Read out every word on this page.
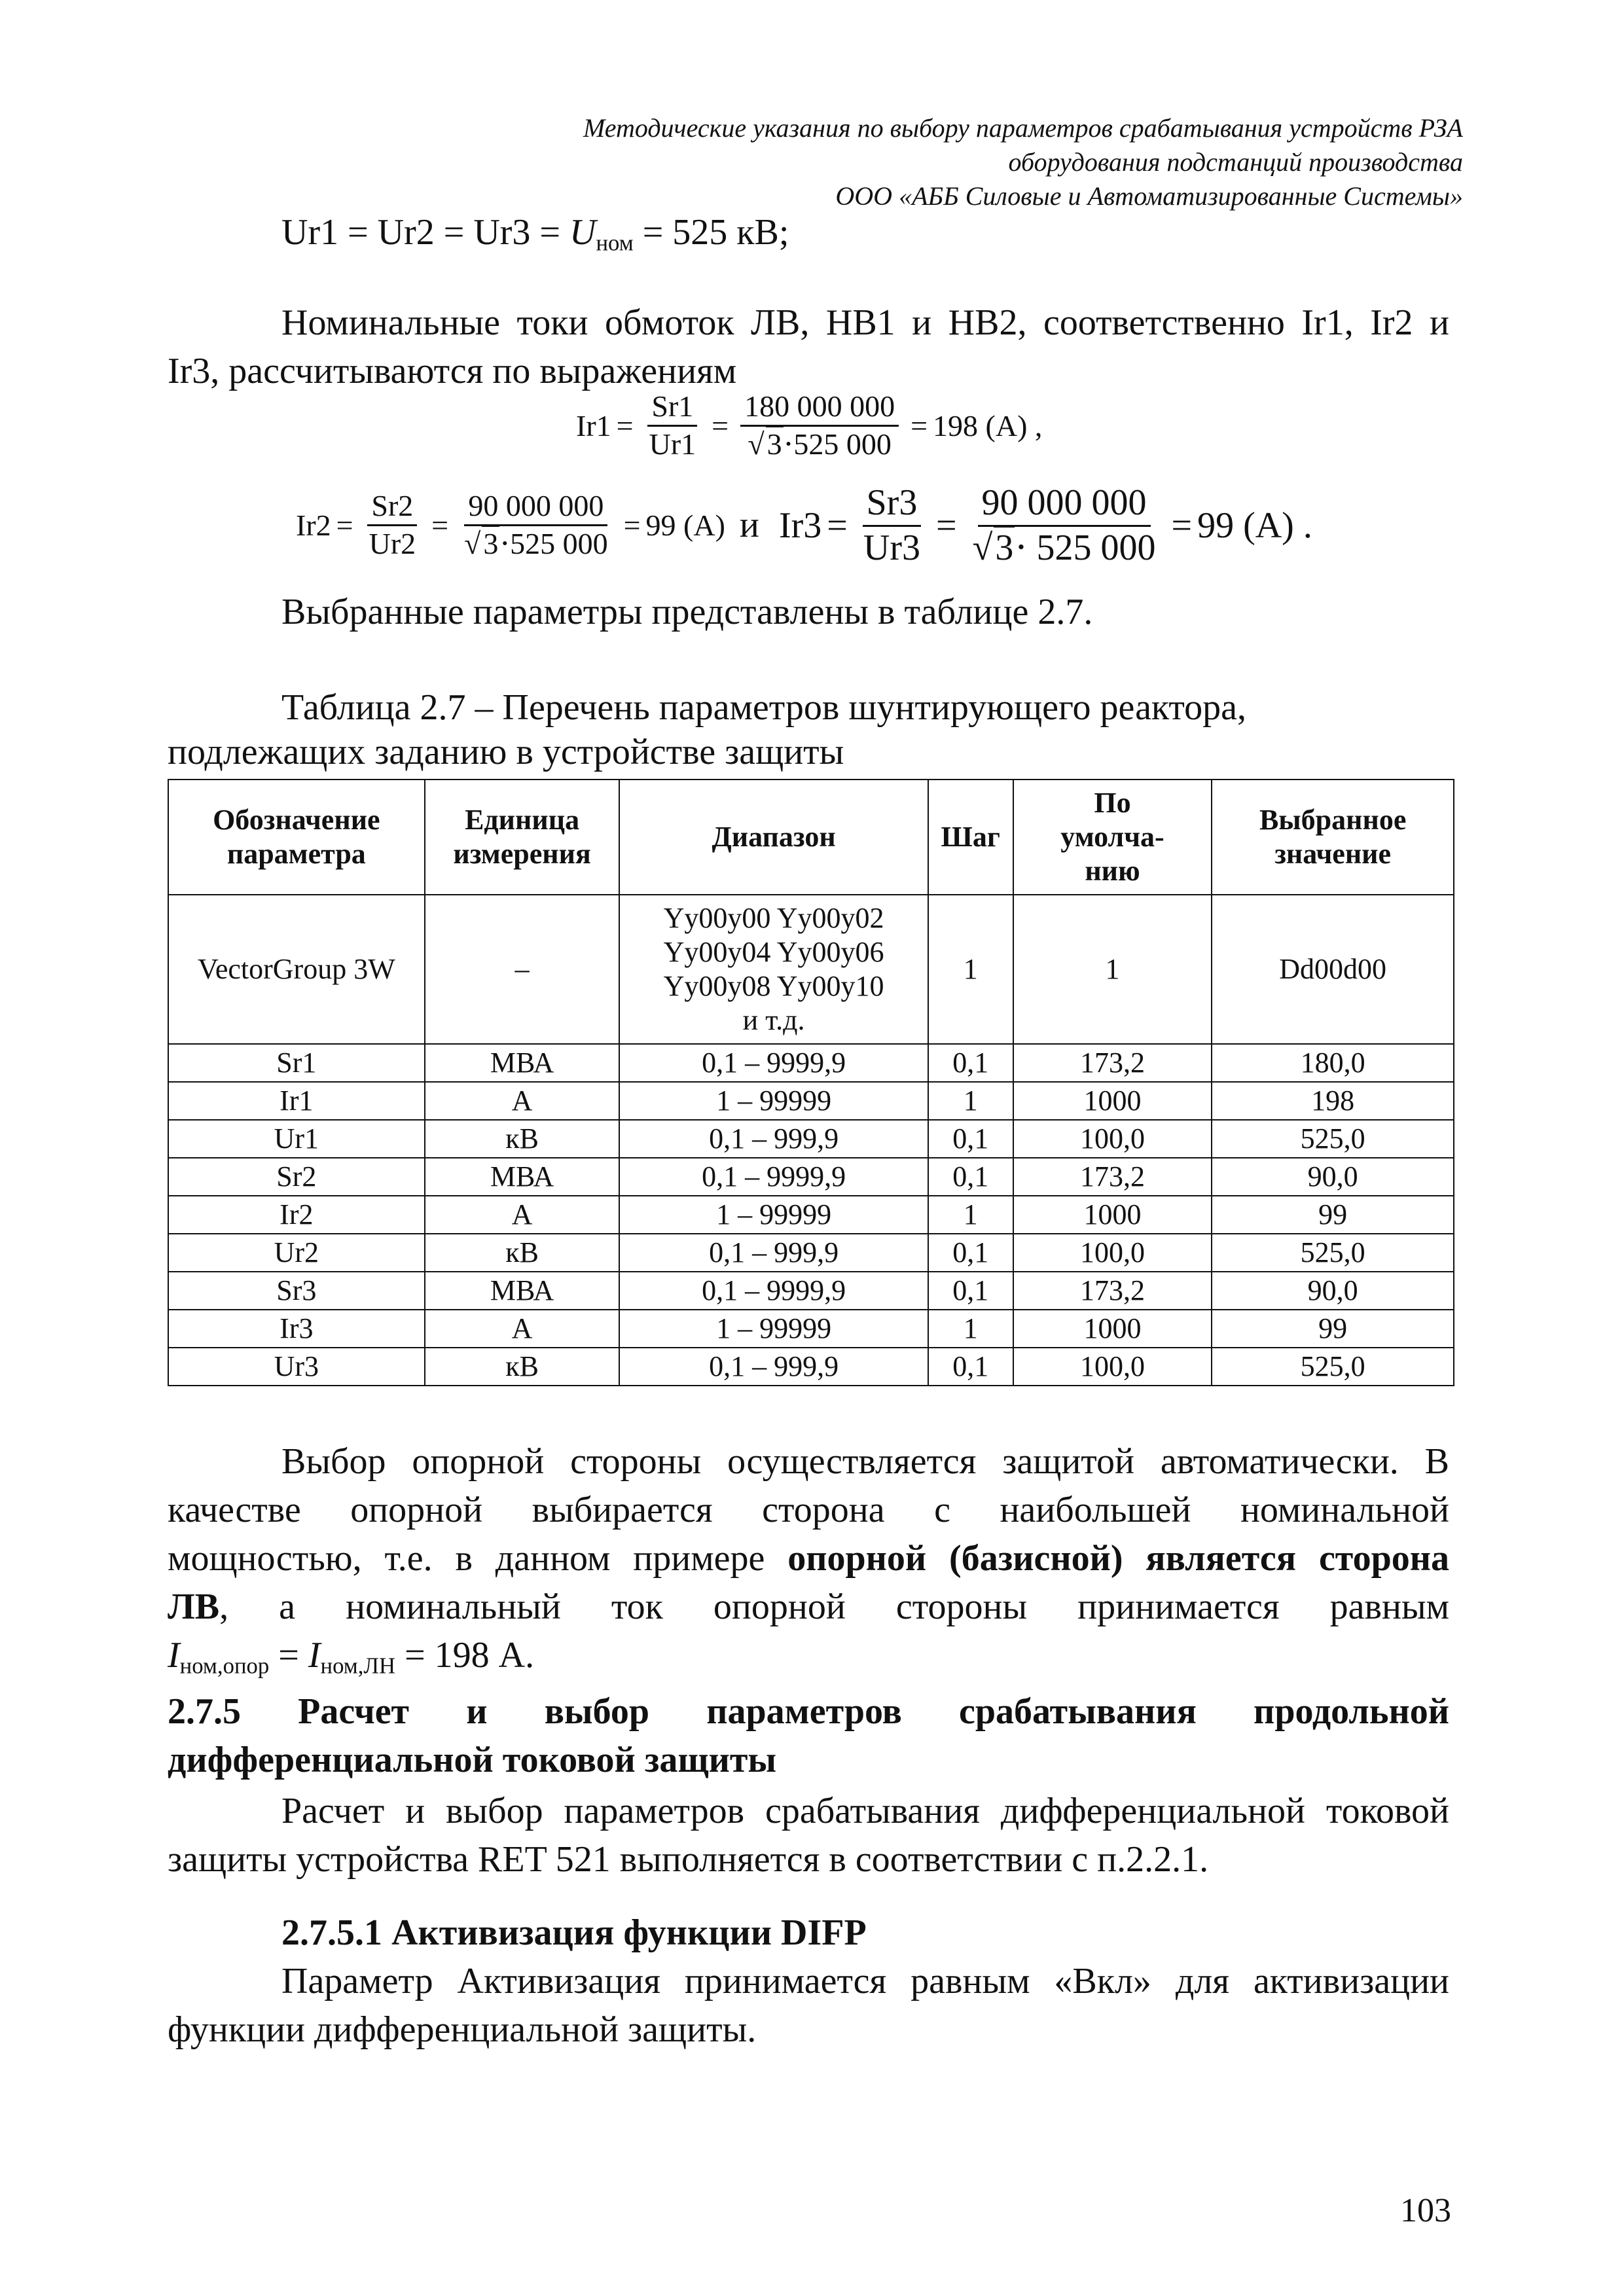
Методические указания по выбору параметров срабатывания устройств РЗА
оборудования подстанций производства
ООО «АББ Силовые и Автоматизированные Системы»
$Ur1 = Ur2 = Ur3 = U_{ном} = 525$ кВ;
Номинальные токи обмоток ЛВ, НВ1 и НВ2, соответственно Ir1, Ir2 и
Ir3, рассчитываются по выражениям
$Ir1 = \frac{Sr1}{Ur1} = \frac{180 000 000}{√3\cdot 525 000} = 198$ (А) ,
$Ir2 = \frac{Sr2}{Ur2} = \frac{90 000 000}{√3\cdot 525 000} = 99$ (А) и $Ir3 = \frac{Sr3}{Ur3} = \frac{90 000 000}{√3\cdot 525 000} = 99$ (А) .
Выбранные параметры представлены в таблице 2.7.
Таблица 2.7 – Перечень параметров шунтирующего реактора,
подлежащих заданию в устройстве защиты
Обозначение
параметра	Единица
измерения	Диапазон	Шаг	По
умолча-
нию	Выбранное
значение
VectorGroup 3W	–	Yy00y00 Yy00y02
Yy00y04 Yy00y06
Yy00y08 Yy00y10
и т.д.	1	1	Dd00d00
Sr1	МВА	0,1 – 9999,9	0,1	173,2	180,0
Ir1	А	1 – 99999	1	1000	198
Ur1	кВ	0,1 – 999,9	0,1	100,0	525,0
Sr2	МВА	0,1 – 9999,9	0,1	173,2	90,0
Ir2	А	1 – 99999	1	1000	99
Ur2	кВ	0,1 – 999,9	0,1	100,0	525,0
Sr3	МВА	0,1 – 9999,9	0,1	173,2	90,0
Ir3	А	1 – 99999	1	1000	99
Ur3	кВ	0,1 – 999,9	0,1	100,0	525,0
Выбор опорной стороны осуществляется защитой автоматически. В
качестве опорной выбирается сторона с наибольшей номинальной
мощностью, т.е. в данном примере опорной (базисной) является сторона
ЛВ, а номинальный ток опорной стороны принимается равным
$I_{ном,опор} = I_{ном,ЛН} = 198$ А.
2.7.5 Расчет и выбор параметров срабатывания продольной
дифференциальной токовой защиты
Расчет и выбор параметров срабатывания дифференциальной токовой
защиты устройства RET 521 выполняется в соответствии с п.2.2.1.
2.7.5.1 Активизация функции DIFP
Параметр Активизация принимается равным «Вкл» для активизации
функции дифференциальной защиты.
103
